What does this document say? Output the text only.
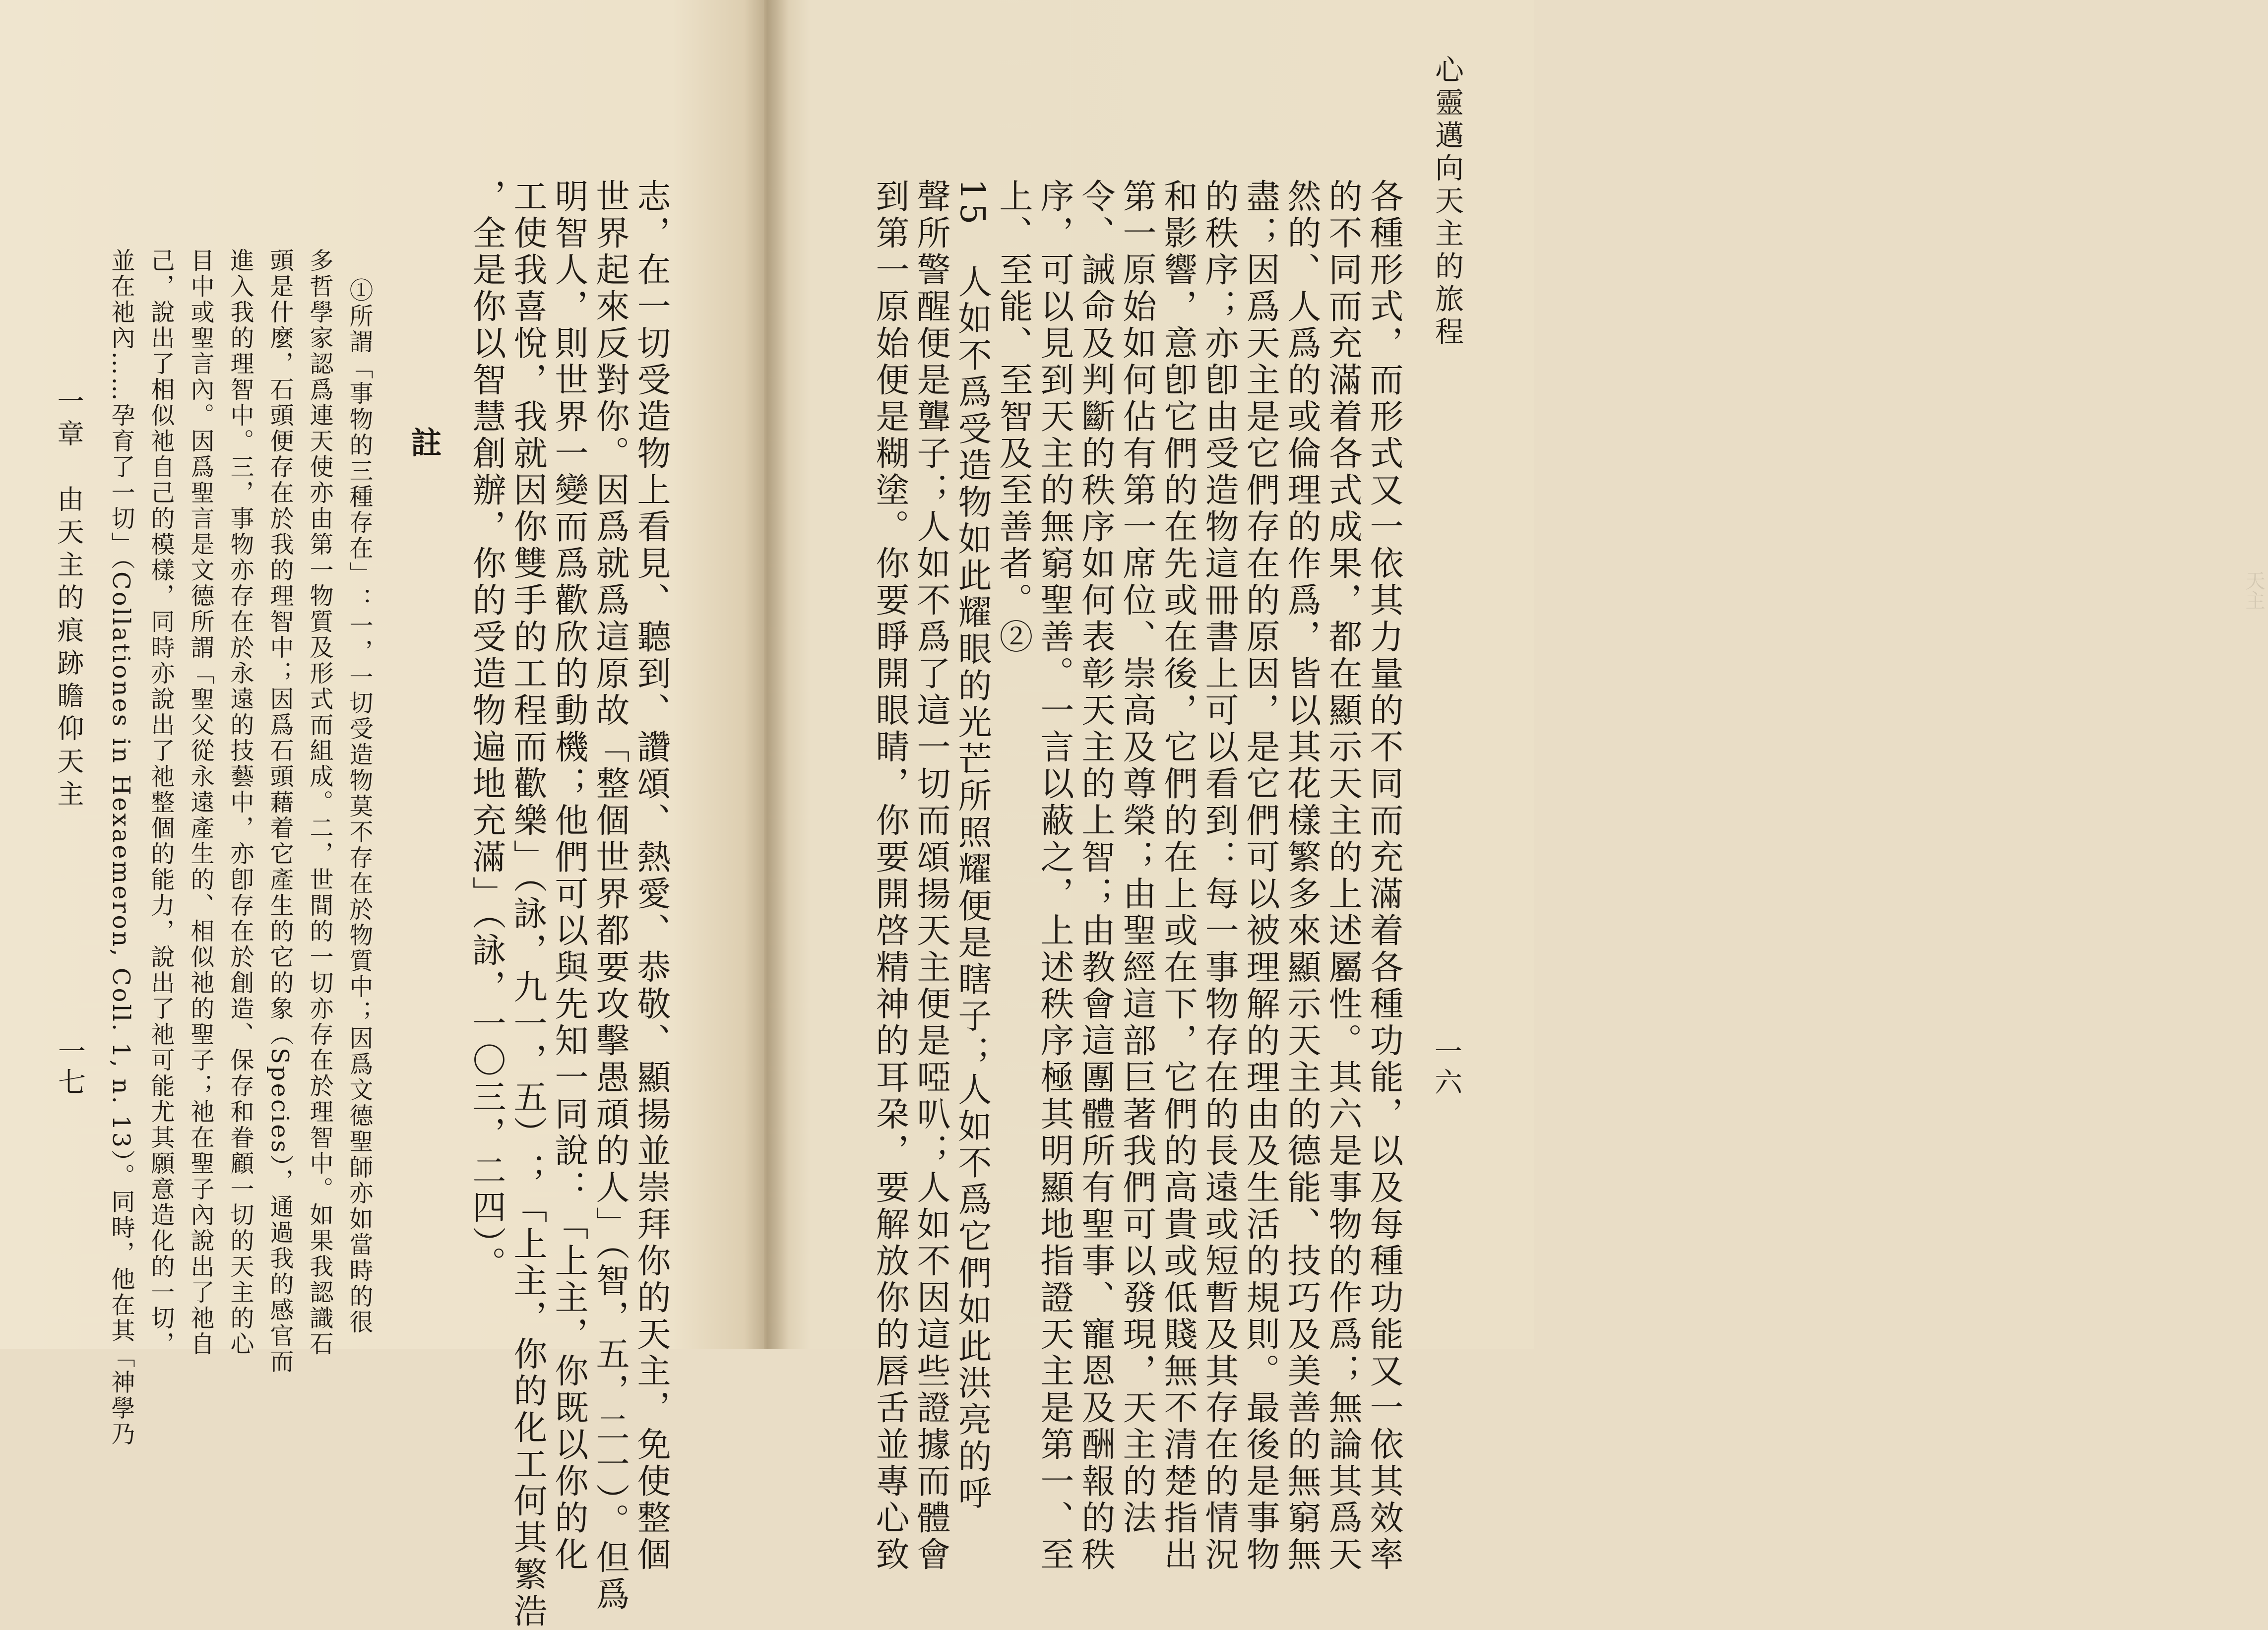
天主
心靈邁向天主的旅程
一六
各種形式，而形式又一依其力量的不同而充滿着各種功能，以及每種功能又一依其效率
的不同而充滿着各式成果，都在顯示天主的上述屬性。其六是事物的作爲；無論其爲天
然的、人爲的或倫理的作爲，皆以其花樣繁多來顯示天主的德能、技巧及美善的無窮無
盡；因爲天主是它們存在的原因，是它們可以被理解的理由及生活的規則。最後是事物
的秩序；亦卽由受造物這冊書上可以看到：每一事物存在的長遠或短暫及其存在的情況
和影響，意卽它們的在先或在後，它們的在上或在下，它們的高貴或低賤無不清楚指出
第一原始如何佔有第一席位、崇高及尊榮；由聖經這部巨著我們可以發現，天主的法
令、誡命及判斷的秩序如何表彰天主的上智；由教會這團體所有聖事、寵恩及酬報的秩
序，可以見到天主的無窮聖善。一言以蔽之，上述秩序極其明顯地指證天主是第一、至
上、至能、至智及至善者。②
15　人如不爲受造物如此耀眼的光芒所照耀便是瞎子；人如不爲它們如此洪亮的呼
聲所警醒便是聾子；人如不爲了這一切而頌揚天主便是啞叭；人如不因這些證據而體會
到第一原始便是糊塗。你要睜開眼睛，你要開啓精神的耳朶，要解放你的唇舌並專心致
志，在一切受造物上看見、聽到、讚頌、熱愛、恭敬、顯揚並崇拜你的天主，免使整個
世界起來反對你。因爲就爲這原故「整個世界都要攻擊愚頑的人」（智，五，二一）。但爲
明智人，則世界一變而爲歡欣的動機；他們可以與先知一同說：「上主，你既以你的化
工使我喜悅，我就因你雙手的工程而歡樂」（詠，九一，五）；「上主，你的化工何其繁浩
，全是你以智慧創辦，你的受造物遍地充滿」（詠，一〇三，二四）。
註
①所謂「事物的三種存在」：一，一切受造物莫不存在於物質中；因爲文德聖師亦如當時的很
多哲學家認爲連天使亦由第一物質及形式而組成。二，世間的一切亦存在於理智中。如果我認識石
頭是什麼，石頭便存在於我的理智中；因爲石頭藉着它產生的它的象（Species），通過我的感官而
進入我的理智中。三，事物亦存在於永遠的技藝中，亦卽存在於創造、保存和眷顧一切的天主的心
目中或聖言內。因爲聖言是文德所謂「聖父從永遠產生的、相似祂的聖子；祂在聖子內說出了祂自
己，說出了相似祂自己的模樣，同時亦說出了祂整個的能力，說出了祂可能尤其願意造化的一切，
並在祂內……孕育了一切」（Collationes in Hexaemeron, Coll. 1, n. 13）。同時，他在其「神學乃
一章　由天主的痕跡瞻仰天主
一七
